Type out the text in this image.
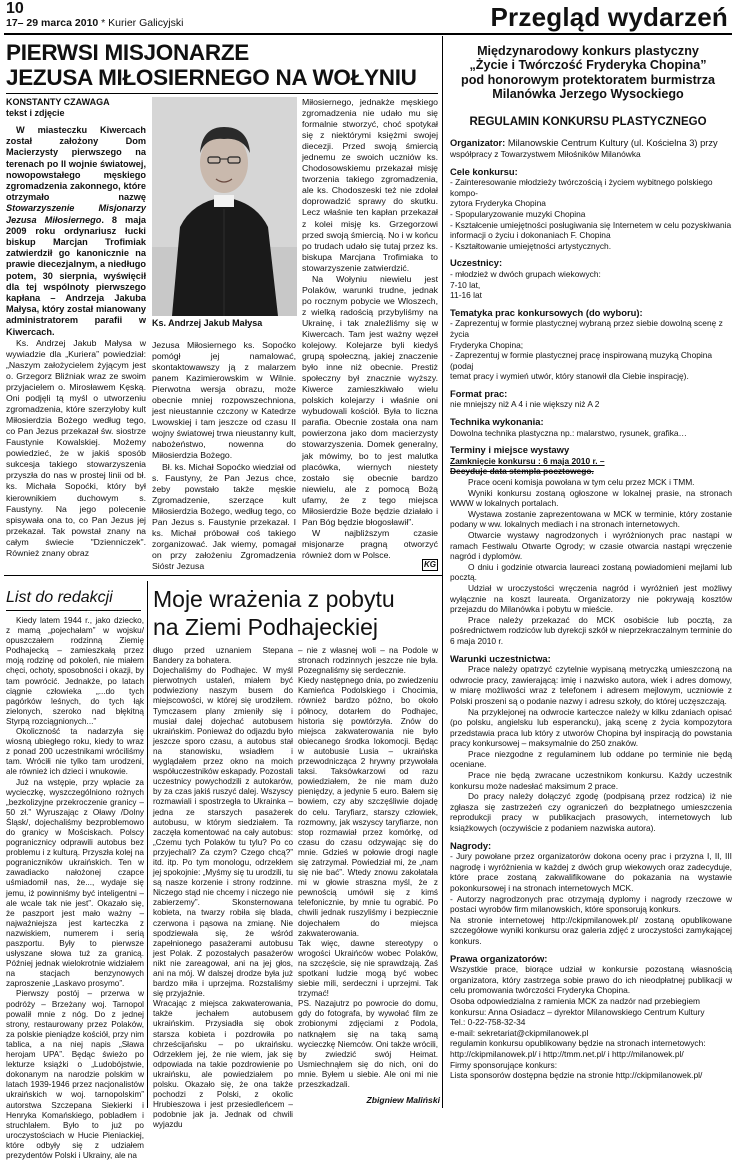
10
17– 29 marca 2010 * Kurier Galicyjski	Przegląd wydarzeń
PIERWSI MISJONARZE
JEZUSA MIŁOSIERNEGO NA WOŁYNIU
KONSTANTY CZAWAGA
tekst i zdjęcie

W miasteczku Kiwercach został założony Dom Macierzysty pierwszego na terenach po II wojnie światowej, nowopowstałego męskiego zgromadzenia zakonnego, które otrzymało nazwę Stowarzyszenie Misjonarzy Jezusa Miłosiernego. 8 maja 2009 roku ordynariusz łucki biskup Marcjan Trofimiak zatwierdził go kanonicznie na prawie diecezjalnym, a niedługo potem, 30 sierpnia, wyświęcił dla tej wspólnoty pierwszego kapłana – Andrzeja Jakuba Małysa, który został mianowany administratorem parafii w Kiwercach.

Ks. Andrzej Jakub Małysa w wywiadzie dla „Kuriera” powiedział: „Naszym założycielem żyjącym jest o. Grzegorz Bliźniak wraz ze swoim przyjacielem o. Mirosławem Kęską. Oni podjęli tą myśl o utworzeniu zgromadzenia, które szerzyłoby kult Miłosierdzia Bożego według tego, co Pan Jezus przekazał św. siostrze Faustynie Kowalskiej. Możemy powiedzieć, że w jakiś sposób sukcesja takiego stowarzyszenia przyszła do nas w prostej linii od bł. ks. Michała Sopoćki, który był kierownikiem duchowym s. Faustyny. Na jego polecenie spisywała ona to, co Pan Jezus jej przekazał. Tak powstał znany na całym świecie "Dzienniczek". Również znany obraz

Ks. Andrzej Jakub Małysa

Jezusa Miłosiernego ks. Sopoćko pomógł jej namalować, skontaktowawszy ją z malarzem panem Kazimierowskim w Wilnie. Pierwotna wersja obrazu, może obecnie mniej rozpowszechniona, jest nieustannie czczony w Katedrze Lwowskiej i tam jeszcze od czasu II wojny światowej trwa nieustanny kult, nabożeństwo, nowenna do Miłosierdzia Bożego.

Bł. ks. Michał Sopoćko wiedział od s. Faustyny, że Pan Jezus chce, żeby powstało także męskie Zgromadzenie, szerzące kult Miłosierdzia Bożego, według tego, co Pan Jezus s. Faustynie przekazał. I ks. Michał próbował coś takiego zorganizować. Jak wiemy, pomagał on przy założeniu Zgromadzenia Sióstr Jezusa

Miłosiernego, jednakże męskiego zgromadzenia nie udało mu się formalnie stworzyć, choć spotykał się z niektórymi księżmi swojej diecezji. Przed swoją śmiercią jednemu ze swoich uczniów ks. Chodosowskiemu przekazał misję tworzenia takiego zgromadzenia, ale ks. Chodoszeski też nie zdołał doprowadzić sprawy do skutku. Lecz właśnie ten kapłan przekazał z kolei misję ks. Grzegorzowi przed swoją śmiercią. No i w końcu po trudach udało się tutaj przez ks. biskupa Marcjana Trofimiaka to stowarzyszenie zatwierdzić.

Na Wołyniu niewielu jest Polaków, warunki trudne, jednak po rocznym pobycie we Wloszech, z wielką radością przybyliśmy na Ukrainę, i tak znaleźliśmy się w Kiwercach. Tam jest ważny węzeł kolejowy. Kolejarze byli kiedyś grupą społeczną, jakiej znaczenie było inne niż obecnie. Prestiż społeczny był znacznie wyższy. Kiwerce zamieszkiwało wielu polskich kolejarzy i właśnie oni wybudowali kościół. Była to liczna parafia. Obecnie została ona nam powierzona jako dom macierzysty stowarzyszenia. Domek generalny, jak mówimy, bo to jest malutka placówka, wiernych niestety zostało się obecnie bardzo niewielu, ale z pomocą Bożą ufamy, że z tego miejsca Miłosierdzie Boże będzie działało i Pan Bóg będzie błogosławił”.

W najbliższym czasie misjonarze pragną otworzyć również dom w Polsce.

KG
Międzynarodowy konkurs plastyczny
„Życie i Twórczość Fryderyka Chopina”
pod honorowym protektoratem burmistrza
Milanówka Jerzego Wysockiego
REGULAMIN KONKURSU PLASTYCZNEGO
Organizator: Milanowskie Centrum Kultury (ul. Kościelna 3) przy
współpracy z Towarzystwem Miłośników Milanówka
Cele konkursu:
- Zainteresowanie młodzieży twórczością i życiem wybitnego polskiego kompo-
zytora Fryderyka Chopina
- Spopularyzowanie muzyki Chopina
- Kształcenie umiejętności posługiwania się Internetem w celu pozyskiwania
informacji o życiu i dokonaniach F. Chopina
- Kształtowanie umiejętności artystycznych.
Uczestnicy:
- młodzież w dwóch grupach wiekowych:
7-10 lat,
11-16 lat
Tematyka prac konkursowych (do wyboru):
- Zaprezentuj w formie plastycznej wybraną przez siebie dowolną scenę z życia
Fryderyka Chopina;
- Zaprezentuj w formie plastycznej pracę inspirowaną muzyką Chopina (podaj
temat pracy i wymień utwór, który stanowił dla Ciebie inspirację).
Format prac:
nie mniejszy niż A 4 i nie większy niż A 2
Technika wykonania:
Dowolna technika plastyczna np.: malarstwo, rysunek, grafika…
Terminy i miejsce wystawy
Zamknięcie konkursu : 6 maja 2010 r. –
Decyduje data stempla pocztowego.
Prace oceni komisja powołana w tym celu przez MCK i TMM.
Wyniki konkursu zostaną ogłoszone w lokalnej prasie, na stronach WWW w lokalnych portalach.
Wystawa zostanie zaprezentowana w MCK w terminie, który zostanie podany w ww. lokalnych mediach i na stronach internetowych.
Otwarcie wystawy nagrodzonych i wyróżnionych prac nastąpi w ramach Festiwalu Otwarte Ogrody; w czasie otwarcia nastąpi wręczenie nagród i dyplomów.
O dniu i godzinie otwarcia laureaci zostaną powiadomieni mejlami lub pocztą.
Udział w uroczystości wręczenia nagród i wyróżnień jest możliwy wyłącznie na koszt laureata. Organizatorzy nie pokrywają kosztów przejazdu do Milanówka i pobytu w mieście.
Prace należy przekazać do MCK osobiście lub pocztą, za pośrednictwem rodziców lub dyrekcji szkół w nieprzekraczalnym terminie do 6 maja 2010 r.
Warunki uczestnictwa:
Prace należy opatrzyć czytelnie wypisaną metryczką umieszczoną na odwrocie pracy, zawierającą: imię i nazwisko autora, wiek i adres domowy, w miarę możliwości wraz z telefonem i adresem mejlowym, uczniowie z Polski proszeni są o podanie nazwy i adresu szkoły, do której uczęszczają.
Na przyklejonej na odwrocie karteczce należy w kilku zdaniach opisać (po polsku, angielsku lub esperancku), jaką scenę z życia kompozytora przedstawia praca lub który z utworów Chopina był inspiracją do powstania pracy konkursowej – maksymalnie do 250 znaków.
Prace niezgodne z regulaminem lub oddane po terminie nie będą oceniane.
Prace nie będą zwracane uczestnikom konkursu. Każdy uczestnik konkursu może nadesłać maksimum 2 prace.
Do pracy należy dołączyć zgodę (podpisaną przez rodzica) iż nie zgłasza się zastrzeżeń czy ograniczeń do bezpłatnego umieszczenia reprodukcji pracy w publikacjach prasowych, internetowych lub książkowych (oczywiście z podaniem nazwiska autora).
Nagrody:
- Jury powołane przez organizatorów dokona oceny prac i przyzna I, II, III nagrodę i wyróżnienia w każdej z dwóch grup wiekowych oraz zadecyduje, które prace zostaną zakwalifikowane do pokazania na wystawie pokonkursowej i na stronach internetowych MCK.
- Autorzy nagrodzonych prac otrzymają dyplomy i nagrody rzeczowe w postaci wyrobów firm milanowskich, które sponsorują konkurs.
Na stronie internetowej http://ckipmilanowek.pl/ zostaną opublikowane szczegółowe wyniki konkursu oraz galeria zdjęć z uroczystości zamykającej konkurs.
Prawa organizatorów:
Wszystkie prace, biorące udział w konkursie pozostaną własnością organizatora, który zastrzega sobie prawo do ich nieodpłatnej publikacji w celu promowania twórczości Fryderyka Chopina.
Osoba odpowiedzialna z ramienia MCK za nadzór nad przebiegiem konkursu: Anna Osiadacz – dyrektor Milanowskiego Centrum Kultury
Tel.: 0-22-758-32-34
e-mail: sekretariat@ckipmilanowek.pl
regulamin konkursu opublikowany będzie na stronach internetowych:
http://ckipmilanowek.pl/ i http://tmm.net.pl/ i http://milanowek.pl/
Firmy sponsorujące konkurs:
Lista sponsorów dostępna będzie na stronie http://ckipmilanowek.pl/
List do redakcji

Kiedy latem 1944 r., jako dziecko, z mamą „pojechałam” w wojsku/ opuszczałem rodzinną Ziemię Podhajecką – zamieszkałą przez moją rodzinę od pokoleń, nie miałem chęci, ochoty, sposobności i okazji, by tam powrócić. Jednakże, po latach ciągnie człowieka „...do tych pagórków leśnych, do tych łąk zielonych, szeroko nad błękitną Styrpą rozciągnionych...”

Okoliczność ta nadarzyła się wiosną ubiegłego roku, kiedy to wraz z ponad 200 uczestnikami wróciliśmy tam. Wróciłi nie tylko tam urodzeni, ale również ich dzieci i wnukowie.

Już na wstępie, przy wpłacie za wycieczkę, wyszczególniono rożnych „bezkolizyjne przekroczenie granicy – 50 zł.” Wyruszając z Oławy /Dolny Śląsk/, dojechaliśmy bezproblemowo do granicy w Mościskach. Polscy pogranicznicy odprawili autobus bez problemu i z kulturą. Przyszła kolej na pograniczników ukraińskich. Ten w zawadiacko nałożonej czapce uśmiadomił nas, że..., wydaje się jemu, iż powinniśmy być inteligentni – ale wcale tak nie jest”. Okazało się, że paszport jest mało ważny – najważniejsza jest karteczka z nazwiskiem, numerem i serią paszportu. Były to pierwsze usłyszane słowa tuż za granicą. Później jednak wielokrotnie widziałem na stacjach benzynowych zaproszenie „Laskavo prosymo”.

Pierwszy postój – przerwa w podróży – Brzeżany woj. Tarnopol powalił mnie z nóg. Do z jednej strony, restaurowany przez Polaków, za polskie pieniądze kościół, przy nim tablica, a na niej napis „Sława herojam UPA”. Będąc świeżo po lekturze książki o „Ludobójstwie, dokonanym na narodzie polskim w latach 1939-1946 przez nacjonalistów ukraińskich w woj. tarnopolskim” autorstwa Szczepana Siekierki i Henryka Komańskiego, pobladłem i struchlałem. Było to już po uroczystościach w Hucie Pieniackiej, które odbyły się z udziałem prezydentów Polski i Ukrainy, ale na

Moje wrażenia z pobytu
na Ziemi Podhajeckiej
długo przed uznaniem Stepana Bandery za bohatera.
Dojechaliśmy do Podhajec. W myśl pierwotnych ustaleń, miałem być podwieziony naszym busem do miejscowości, w której się urodziłem. Tymczasem plany zmieniły się i musiał dalej dojechać autobusem ukraińskim. Ponieważ do odjazdu było jeszcze sporo czasu, a autobus stał na stanowisku, wsiadłem i wyglądałem przez okno na moich współuczestników eskapady. Pozostali uczestnicy powychodzili z autokarów, by za czas jakiś ruszyć dalej. Wszyscy rozmawiali i spostrzegła to Ukrainka – jedna ze starszych pasażerek autobusu, w którym siedziałem. Ta zaczęła komentować na cały autobus: „Czemu tych Polaków tu tylu? Po co przyjechali? Za czym? Czego chcą?” itd. itp. Po tym monologu, odrzekłem jej spokojnie: „Myśmy się tu urodzili, tu są nasze korzenie i strony rodzinne. Niczego stąd nie chcemy i niczego nie zabierzemy”. Skonsternowana kobieta, na twarzy robiła się blada, czerwona i pąsowa na zmianę. Nie spodziewała się, że wśród zapełnionego pasażerami autobusu jest Polak. Z pozostałych pasażerów nikt nie zareagował, ani na jej głos, ani na mój. W dalszej drodze była już bardzo miła i uprzejma. Rozstaliśmy się przyjaźnie.
Wracając z miejsca zakwaterowania, także jechałem autobusem ukraińskim. Przysiadła się obok starsza kobieta i pozdrowiła po chrześcijańsku – po ukraińsku. Odrzekłem jej, że nie wiem, jak się odpowiada na takie pozdrowienie po ukraińsku, ale powiedziałem po polsku. Okazało się, że ona także pochodzi z Polski, z okolic Hrubieszowa i jest przesiedleńcem – podobnie jak ja. Jednak od chwili wyjazdu
– nie z własnej woli – na Podole w stronach rodzinnych jeszcze nie była. Pozegnaliśmy się serdecznie.
Kiedy następnego dnia, po zwiedzeniu Kamieńca Podolskiego i Chocimia, również bardzo późno, bo około północy, dotarłem do Podhajec, historia się powtórzyła. Znów do miejsca zakwaterowania nie było obiecanego środka lokomocji. Będąc w autobusie Lusia – ukraińska przewodnicząca 2 hrywny przywołała taksi. Taksówkarzowi od razu powiedziałem, że nie mam dużo pieniędzy, a jedynie 5 euro. Bałem się bowiem, czy aby szczęśliwie dojadę do celu. Taryfiarz, starszy człowiek, rozmowny, jak wszyscy taryfiarze, non stop rozmawiał przez komórkę, od czasu do czasu odzywając się do mnie. Gdzieś w połowie drogi nagle się zatrzymał. Powiedział mi, że „nam się nie bać”. Wtedy znowu zakołatała mi w głowie straszna myśl, że z pewnością umówił się z kimś telefonicznie, by mnie tu ograbić. Po chwili jednak ruszyliśmy i bezpiecznie dojechałem do miejsca zakwaterowania.
Tak więc, dawne stereotypy o wrogości Ukraińców wobec Polaków, na szczęście, się nie sprawdzają. Żaś spotkani ludzie mogą być wobec siebie mili, serdeczni i uprzejmi. Tak trzymać!
PS. Nazajutrz po powrocie do domu, gdy do fotografa, by wywołać film ze zrobionymi zdjęciami z Podola, natknąłem się na taką samą wycieczkę Niemców. Oni także wrócili, by zwiedzić swój Heimat. Usmiechnąłem się do nich, oni do mnie. Byłem u siebie. Ale oni mi nie przeszkadzali.
Zbigniew Maliński
